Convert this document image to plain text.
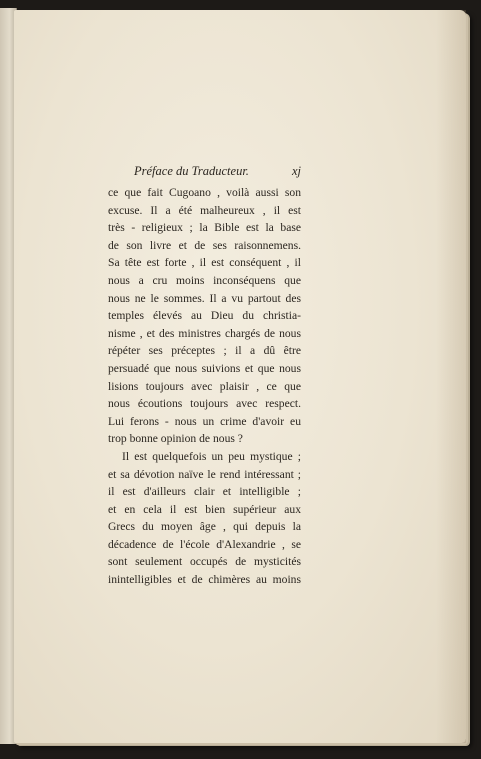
Préface du Traducteur.	xj
ce que fait Cugoano , voilà aussi son
excuse. Il a été malheureux , il est
très - religieux ; la Bible est la base
de son livre et de ses raisonnemens.
Sa tête est forte , il est conséquent , il
nous a cru moins inconséquens que
nous ne le sommes. Il a vu partout des
temples élevés au Dieu du christia-
nisme , et des ministres chargés de nous
répéter ses préceptes ; il a dû être
persuadé que nous suivions et que nous
lisions toujours avec plaisir , ce que
nous écoutions toujours avec respect.
Lui ferons - nous un crime d'avoir eu
trop bonne opinion de nous ?
Il est quelquefois un peu mystique ;
et sa dévotion naïve le rend intéressant ;
il est d'ailleurs clair et intelligible ;
et en cela il est bien supérieur aux
Grecs du moyen âge , qui depuis la
décadence de l'école d'Alexandrie , se
sont seulement occupés de mysticités
inintelligibles et de chimères au moins
